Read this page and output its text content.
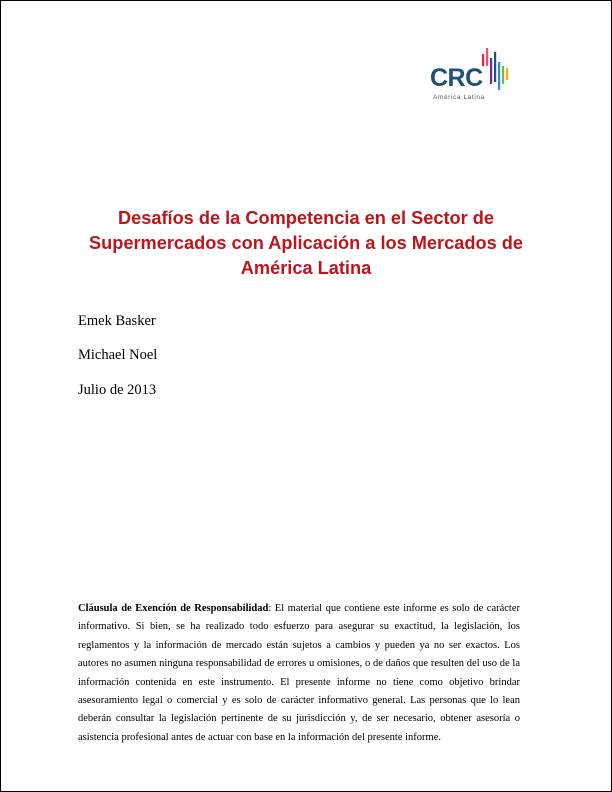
CRC
América Latina
Desafíos de la Competencia en el Sector de
Supermercados con Aplicación a los Mercados de
América Latina

Emek Basker

Michael Noel

Julio de 2013

Cláusula de Exención de Responsabilidad: El material que contiene este informe es solo de carácter informativo. Si bien, se ha realizado todo esfuerzo para asegurar su exactitud, la legislación, los reglamentos y la información de mercado están sujetos a cambios y pueden ya no ser exactos. Los autores no asumen ninguna responsabilidad de errores u omisiones, o de daños que resulten del uso de la información contenida en este instrumento. El presente informe no tiene como objetivo brindar asesoramiento legal o comercial y es solo de carácter informativo general. Las personas que lo lean deberán consultar la legislación pertinente de su jurisdicción y, de ser necesario, obtener asesoría o asistencia profesional antes de actuar con base en la información del presente informe.
